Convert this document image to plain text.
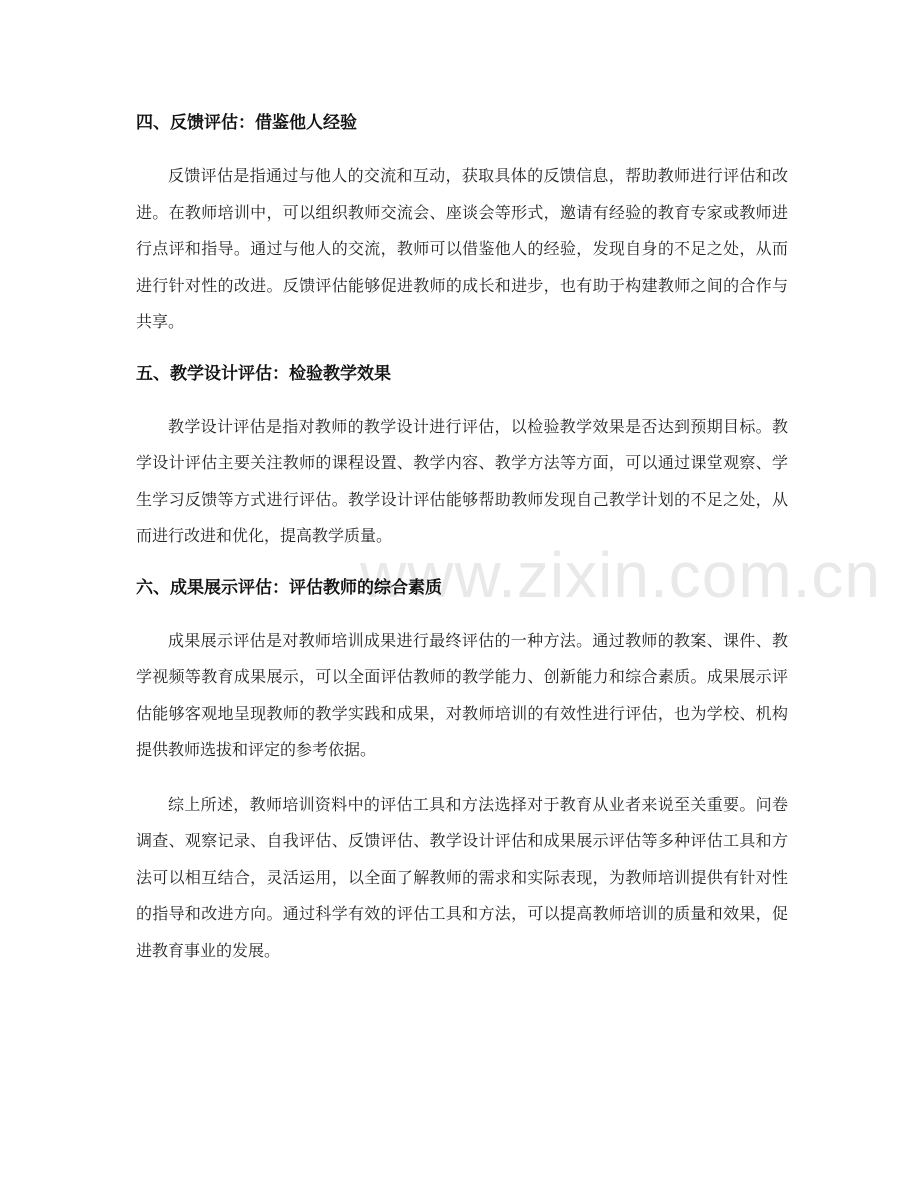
www.zixin.com.cn
四、反馈评估：借鉴他人经验

反馈评估是指通过与他人的交流和互动，获取具体的反馈信息，帮助教师进行评估和改进。在教师培训中，可以组织教师交流会、座谈会等形式，邀请有经验的教育专家或教师进行点评和指导。通过与他人的交流，教师可以借鉴他人的经验，发现自身的不足之处，从而进行针对性的改进。反馈评估能够促进教师的成长和进步，也有助于构建教师之间的合作与共享。

五、教学设计评估：检验教学效果

教学设计评估是指对教师的教学设计进行评估，以检验教学效果是否达到预期目标。教学设计评估主要关注教师的课程设置、教学内容、教学方法等方面，可以通过课堂观察、学生学习反馈等方式进行评估。教学设计评估能够帮助教师发现自己教学计划的不足之处，从而进行改进和优化，提高教学质量。

六、成果展示评估：评估教师的综合素质

成果展示评估是对教师培训成果进行最终评估的一种方法。通过教师的教案、课件、教学视频等教育成果展示，可以全面评估教师的教学能力、创新能力和综合素质。成果展示评估能够客观地呈现教师的教学实践和成果，对教师培训的有效性进行评估，也为学校、机构提供教师选拔和评定的参考依据。

综上所述，教师培训资料中的评估工具和方法选择对于教育从业者来说至关重要。问卷调查、观察记录、自我评估、反馈评估、教学设计评估和成果展示评估等多种评估工具和方法可以相互结合，灵活运用，以全面了解教师的需求和实际表现，为教师培训提供有针对性的指导和改进方向。通过科学有效的评估工具和方法，可以提高教师培训的质量和效果，促进教育事业的发展。
